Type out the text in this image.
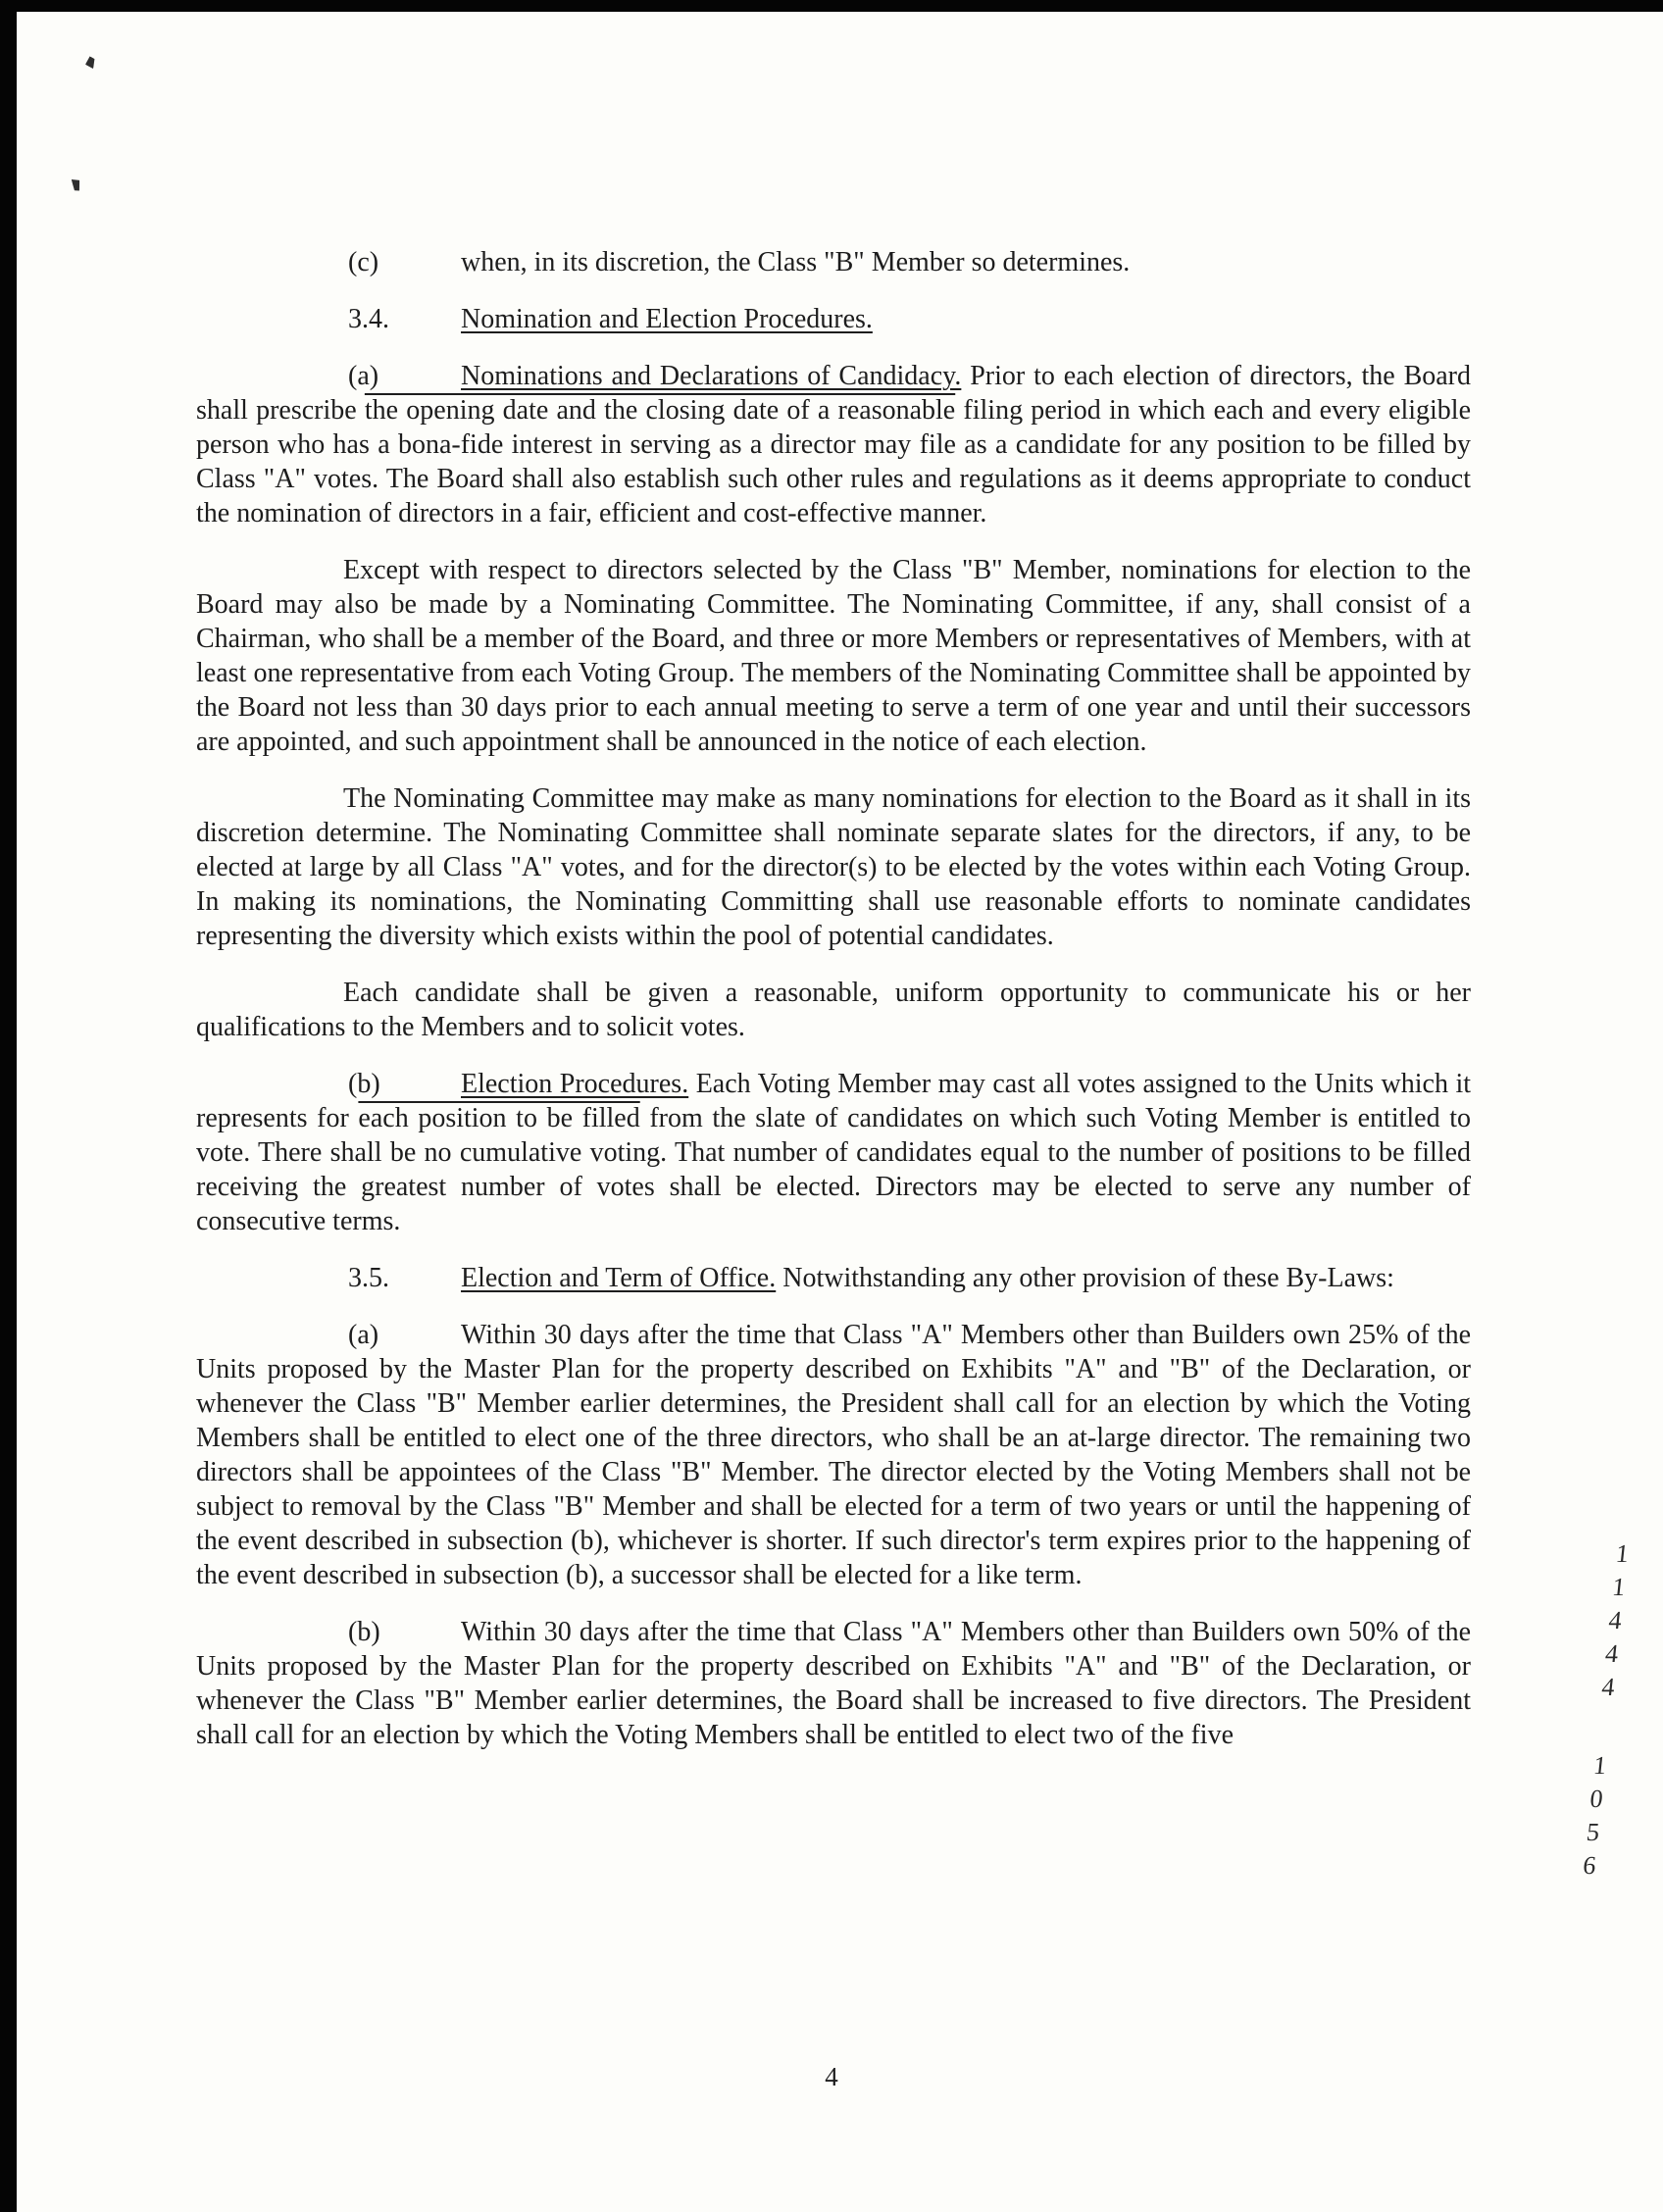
(c)	when, in its discretion, the Class "B" Member so determines.

3.4.	Nomination and Election Procedures.

(a)	Nominations and Declarations of Candidacy. Prior to each election of directors, the Board shall prescribe the opening date and the closing date of a reasonable filing period in which each and every eligible person who has a bona-fide interest in serving as a director may file as a candidate for any position to be filled by Class "A" votes. The Board shall also establish such other rules and regulations as it deems appropriate to conduct the nomination of directors in a fair, efficient and cost-effective manner.

Except with respect to directors selected by the Class "B" Member, nominations for election to the Board may also be made by a Nominating Committee. The Nominating Committee, if any, shall consist of a Chairman, who shall be a member of the Board, and three or more Members or representatives of Members, with at least one representative from each Voting Group. The members of the Nominating Committee shall be appointed by the Board not less than 30 days prior to each annual meeting to serve a term of one year and until their successors are appointed, and such appointment shall be announced in the notice of each election.

The Nominating Committee may make as many nominations for election to the Board as it shall in its discretion determine. The Nominating Committee shall nominate separate slates for the directors, if any, to be elected at large by all Class "A" votes, and for the director(s) to be elected by the votes within each Voting Group. In making its nominations, the Nominating Committing shall use reasonable efforts to nominate candidates representing the diversity which exists within the pool of potential candidates.

Each candidate shall be given a reasonable, uniform opportunity to communicate his or her qualifications to the Members and to solicit votes.

(b)	Election Procedures. Each Voting Member may cast all votes assigned to the Units which it represents for each position to be filled from the slate of candidates on which such Voting Member is entitled to vote. There shall be no cumulative voting. That number of candidates equal to the number of positions to be filled receiving the greatest number of votes shall be elected. Directors may be elected to serve any number of consecutive terms.

3.5.	Election and Term of Office. Notwithstanding any other provision of these By-Laws:

(a)	Within 30 days after the time that Class "A" Members other than Builders own 25% of the Units proposed by the Master Plan for the property described on Exhibits "A" and "B" of the Declaration, or whenever the Class "B" Member earlier determines, the President shall call for an election by which the Voting Members shall be entitled to elect one of the three directors, who shall be an at-large director. The remaining two directors shall be appointees of the Class "B" Member. The director elected by the Voting Members shall not be subject to removal by the Class "B" Member and shall be elected for a term of two years or until the happening of the event described in subsection (b), whichever is shorter. If such director's term expires prior to the happening of the event described in subsection (b), a successor shall be elected for a like term.

(b)	Within 30 days after the time that Class "A" Members other than Builders own 50% of the Units proposed by the Master Plan for the property described on Exhibits "A" and "B" of the Declaration, or whenever the Class "B" Member earlier determines, the Board shall be increased to five directors. The President shall call for an election by which the Voting Members shall be entitled to elect two of the five

11444
1056
4
